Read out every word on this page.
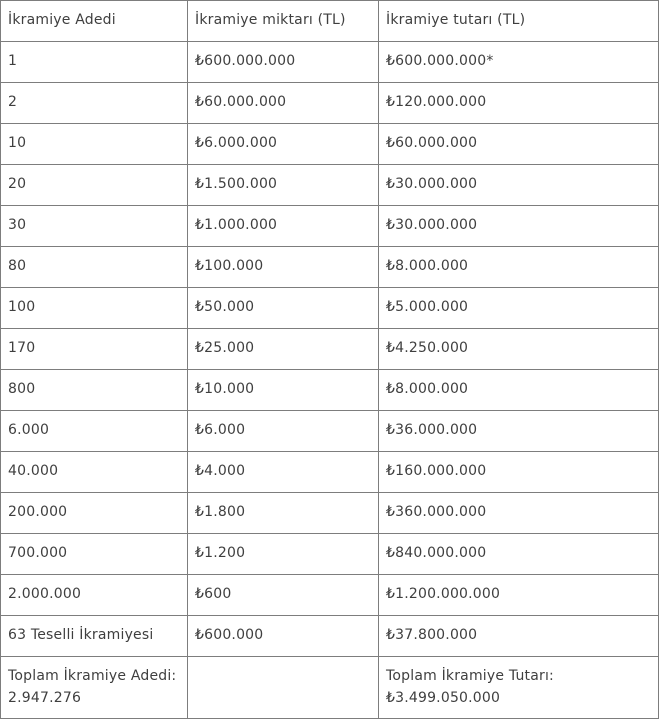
İkramiye Adedi	İkramiye miktarı (TL)	İkramiye tutarı (TL)
1	₺600.000.000	₺600.000.000*
2	₺60.000.000	₺120.000.000
10	₺6.000.000	₺60.000.000
20	₺1.500.000	₺30.000.000
30	₺1.000.000	₺30.000.000
80	₺100.000	₺8.000.000
100	₺50.000	₺5.000.000
170	₺25.000	₺4.250.000
800	₺10.000	₺8.000.000
6.000	₺6.000	₺36.000.000
40.000	₺4.000	₺160.000.000
200.000	₺1.800	₺360.000.000
700.000	₺1.200	₺840.000.000
2.000.000	₺600	₺1.200.000.000
63 Teselli İkramiyesi	₺600.000	₺37.800.000
Toplam İkramiye Adedi: 2.947.276		Toplam İkramiye Tutarı: ₺3.499.050.000
